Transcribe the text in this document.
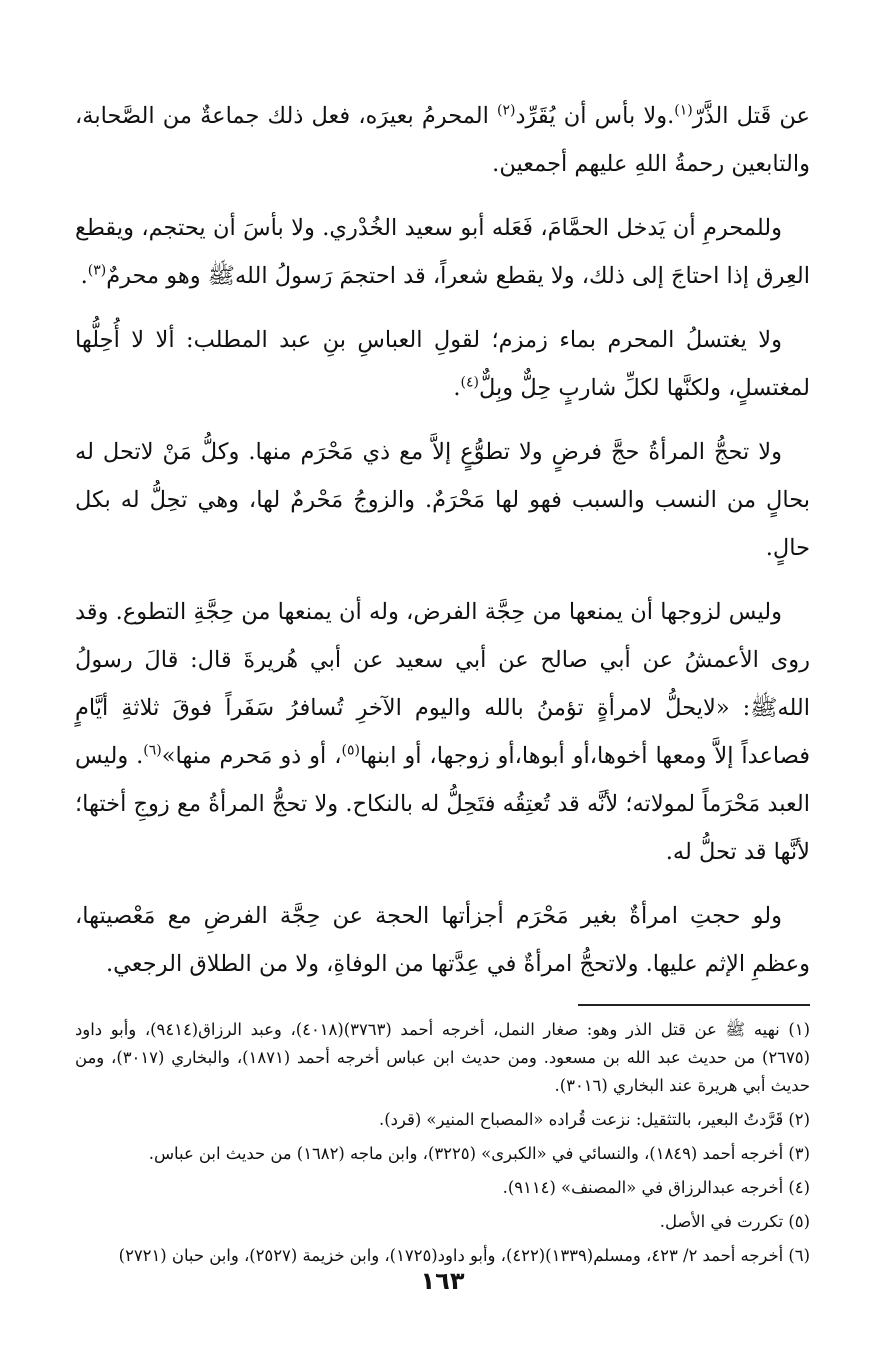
عن قَتل الذَّرّ$^{(١)}$.ولا بأس أن يُقَرِّد$^{(٢)}$ المحرمُ بعيرَه، فعل ذلك جماعةٌ من الصَّحابة، والتابعين رحمةُ اللهِ عليهم أجمعين.

وللمحرمِ أن يَدخل الحمَّامَ، فَعَله أبو سعيد الخُدْري. ولا بأسَ أن يحتجم، ويقطع العِرق إذا احتاجَ إلى ذلك، ولا يقطع شعراً، قد احتجمَ رَسولُ اللهﷺ وهو محرمٌ$^{(٣)}$.

ولا يغتسلُ المحرم بماء زمزم؛ لقولِ العباسِ بنِ عبد المطلب: ألا لا أُحِلُّها لمغتسلٍ، ولكنَّها لكلِّ شاربٍ حِلٌّ وبِلٌّ$^{(٤)}$.

ولا تحجُّ المرأةُ حجَّ فرضٍ ولا تطوُّعٍ إلاَّ مع ذي مَحْرَم منها. وكلُّ مَنْ لاتحل له بحالٍ من النسب والسبب فهو لها مَحْرَمٌ. والزوجُ مَحْرمٌ لها، وهي تحِلُّ له بكل حالٍ.

وليس لزوجها أن يمنعها من حِجَّة الفرض، وله أن يمنعها من حِجَّةِ التطوع. وقد روى الأعمشُ عن أبي صالح عن أبي سعيد عن أبي هُريرةَ قال: قالَ رسولُ اللهﷺ: «لايحلُّ لامرأةٍ تؤمنُ بالله واليوم الآخرِ تُسافرُ سَفَراً فوقَ ثلاثةِ أيَّامٍ فصاعداً إلاَّ ومعها أخوها،أو أبوها،أو زوجها، أو ابنها$^{(٥)}$، أو ذو مَحرم منها»$^{(٦)}$. وليس العبد مَحْرَماً لمولاته؛ لأنَّه قد تُعتِقُه فتَحِلُّ له بالنكاح. ولا تحجُّ المرأةُ مع زوجِ أختها؛ لأنَّها قد تحلُّ له.

ولو حجتِ امرأةٌ بغير مَحْرَم أجزأتها الحجة عن حِجَّة الفرضِ مع مَعْصيتها، وعظمِ الإثم عليها. ولاتحجُّ امرأةٌ في عِدَّتها من الوفاةِ، ولا من الطلاق الرجعي.

(١) نهيه ﷺ عن قتل الذر وهو: صغار النمل، أخرجه أحمد (٣٧٦٣)(٤٠١٨)، وعبد الرزاق(٩٤١٤)، وأبو داود (٢٦٧٥) من حديث عبد الله بن مسعود. ومن حديث ابن عباس أخرجه أحمد (١٨٧١)، والبخاري (٣٠١٧)، ومن حديث أبي هريرة عند البخاري (٣٠١٦).
(٢) قَرَّدتُ البعير، بالتثقيل: نزعت قُراده «المصباح المنير» (قرد).
(٣) أخرجه أحمد (١٨٤٩)، والنسائي في «الكبرى» (٣٢٢٥)، وابن ماجه (١٦٨٢) من حديث ابن عباس.
(٤) أخرجه عبدالرزاق في «المصنف» (٩١١٤).
(٥) تكررت في الأصل.
(٦) أخرجه أحمد ٢/ ٤٢٣، ومسلم(١٣٣٩)(٤٢٢)، وأبو داود(١٧٢٥)، وابن خزيمة (٢٥٢٧)، وابن حبان (٢٧٢١)
١٦٣
